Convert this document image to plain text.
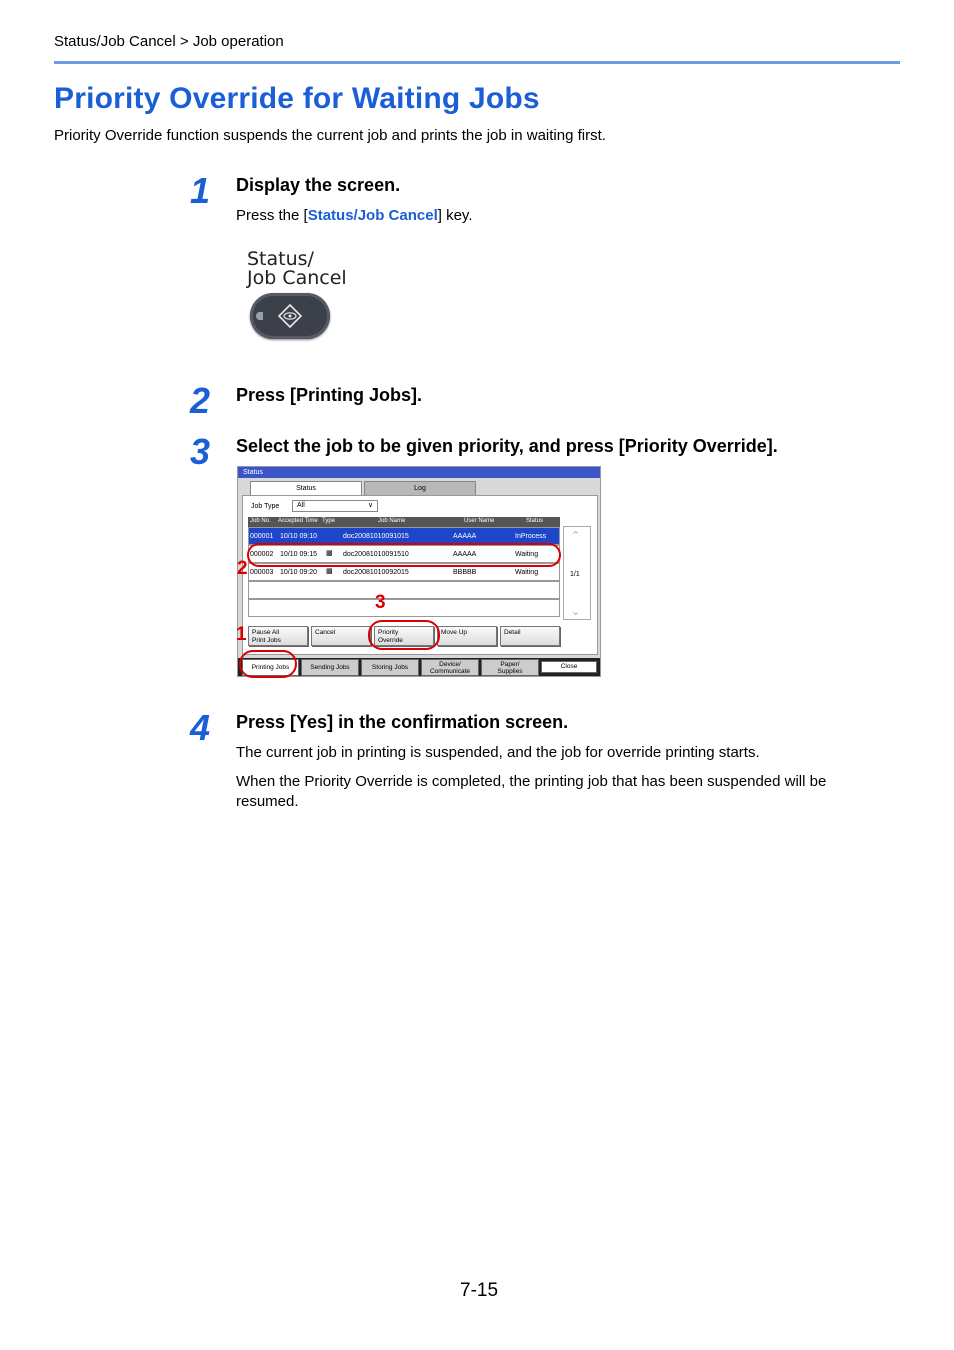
Status/Job Cancel > Job operation
Priority Override for Waiting Jobs
Priority Override function suspends the current job and prints the job in waiting first.
1 Display the screen.
Press the [Status/Job Cancel] key.
Status/
Job Cancel
2 Press [Printing Jobs].
3 Select the job to be given priority, and press [Priority Override].
Status
Status	Log
Job Type	All	∨
Job No. Accepted Time Type	Job Name	User Name	Status
000001 10/10 09:10	doc20081010091015	AAAAA	InProcess
000002 10/10 09:15 ▩ doc20081010091510	AAAAA	Waiting
000003 10/10 09:20 ▩ doc20081010092015	BBBBB	Waiting
⌃
1/1
⌄
Pause All
Print Jobs
Cancel	Priority
Override
Move Up	Detail
Printing Jobs	Sending Jobs	Storing Jobs	Device/
Communicate
Paper/
Supplies
Close
2
3
1
4 Press [Yes] in the confirmation screen.
The current job in printing is suspended, and the job for override printing starts.
When the Priority Override is completed, the printing job that has been suspended will be
resumed.
7-15
